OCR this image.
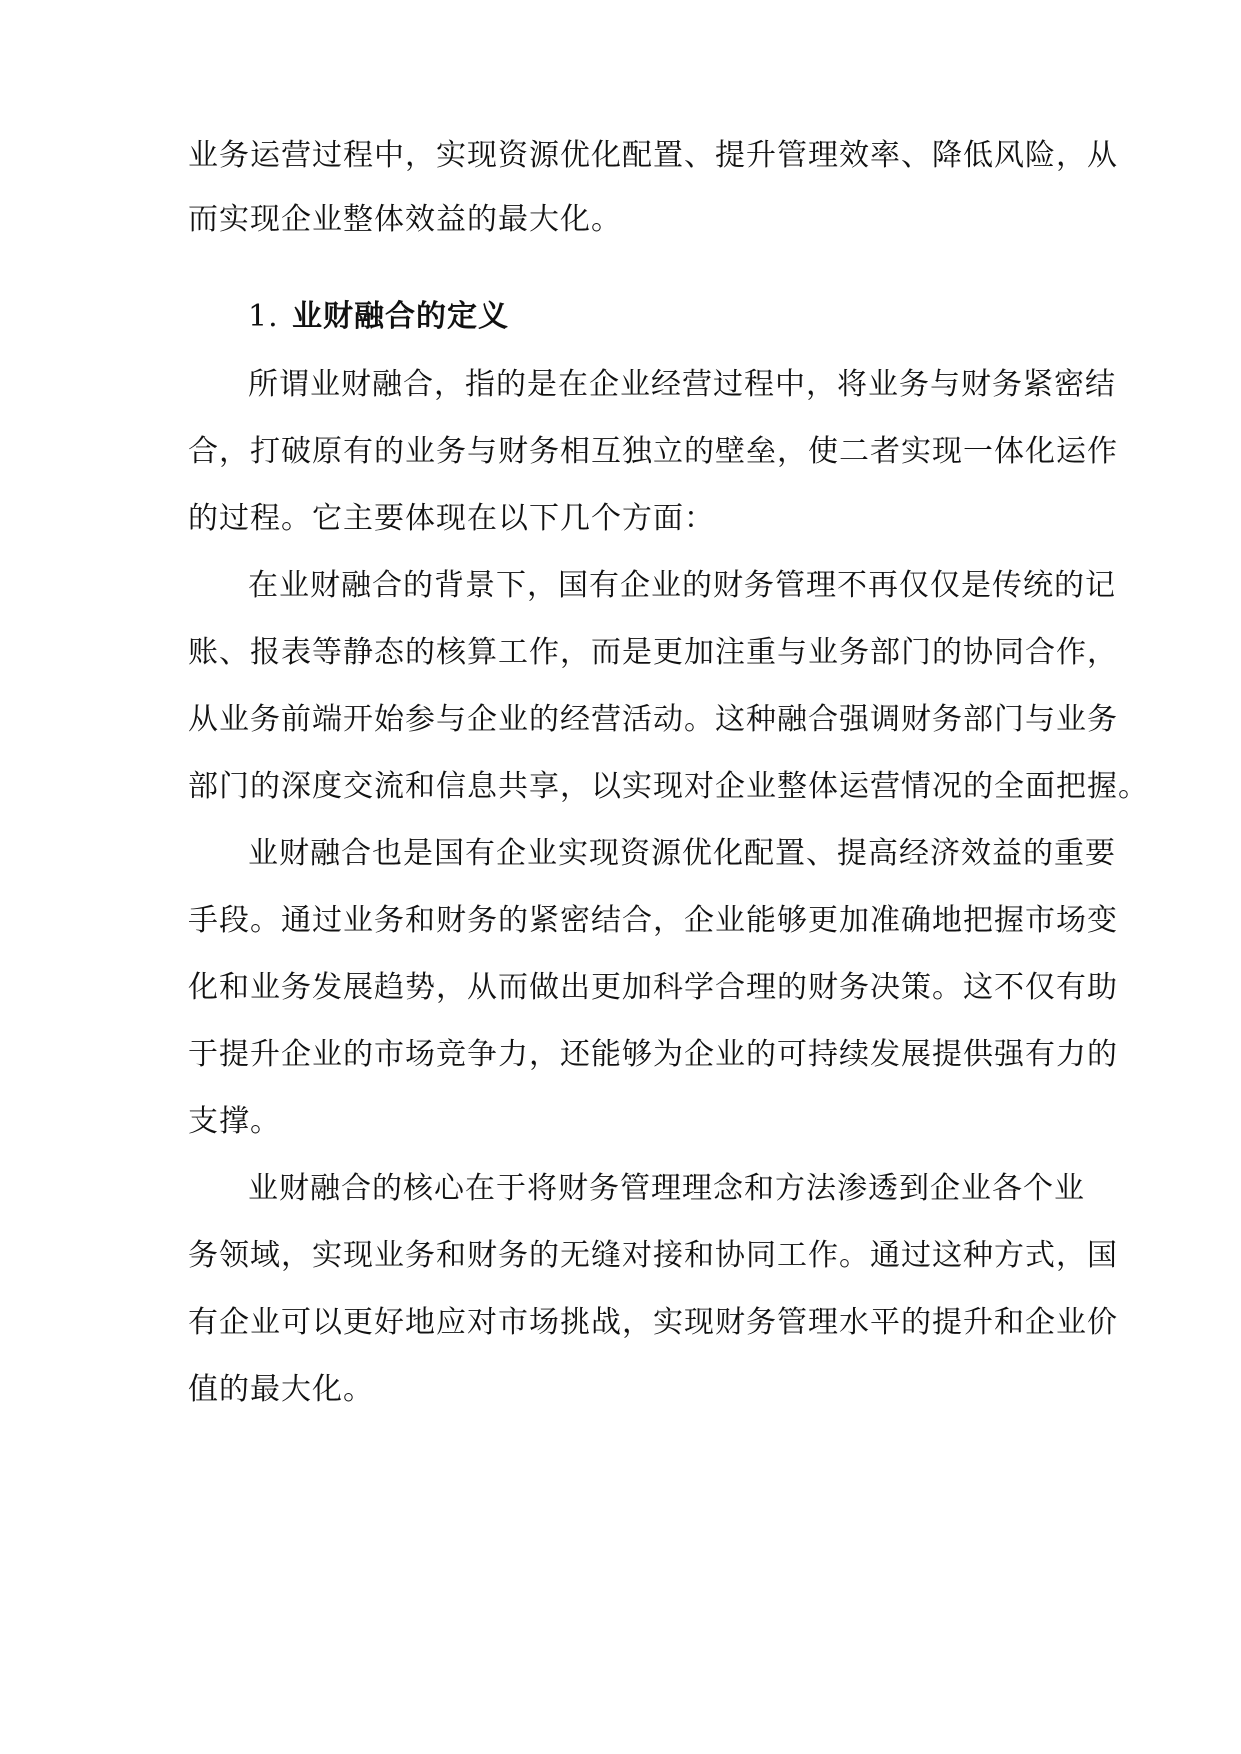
业务运营过程中，实现资源优化配置、提升管理效率、降低风险，从
而实现企业整体效益的最大化。
1. 业财融合的定义
所谓业财融合，指的是在企业经营过程中，将业务与财务紧密结
合，打破原有的业务与财务相互独立的壁垒，使二者实现一体化运作
的过程。它主要体现在以下几个方面：
在业财融合的背景下，国有企业的财务管理不再仅仅是传统的记
账、报表等静态的核算工作，而是更加注重与业务部门的协同合作，
从业务前端开始参与企业的经营活动。这种融合强调财务部门与业务
部门的深度交流和信息共享，以实现对企业整体运营情况的全面把握。
业财融合也是国有企业实现资源优化配置、提高经济效益的重要
手段。通过业务和财务的紧密结合，企业能够更加准确地把握市场变
化和业务发展趋势，从而做出更加科学合理的财务决策。这不仅有助
于提升企业的市场竞争力，还能够为企业的可持续发展提供强有力的
支撑。
业财融合的核心在于将财务管理理念和方法渗透到企业各个业
务领域，实现业务和财务的无缝对接和协同工作。通过这种方式，国
有企业可以更好地应对市场挑战，实现财务管理水平的提升和企业价
值的最大化。
